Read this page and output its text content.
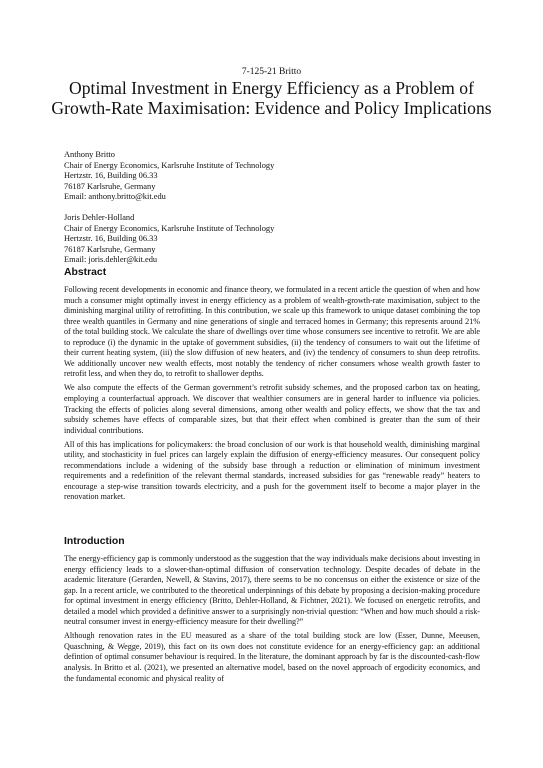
7-125-21 Britto
Optimal Investment in Energy Efficiency as a Problem of Growth-Rate Maximisation: Evidence and Policy Implications
Anthony Britto
Chair of Energy Economics, Karlsruhe Institute of Technology
Hertzstr. 16, Building 06.33
76187 Karlsruhe, Germany
Email: anthony.britto@kit.edu
Joris Dehler-Holland
Chair of Energy Economics, Karlsruhe Institute of Technology
Hertzstr. 16, Building 06.33
76187 Karlsruhe, Germany
Email: joris.dehler@kit.edu
Abstract

Following recent developments in economic and finance theory, we formulated in a recent article the question of when and how much a consumer might optimally invest in energy efficiency as a problem of wealth-growth-rate maximisation, subject to the diminishing marginal utility of retrofitting. In this contribution, we scale up this framework to unique dataset combining the top three wealth quantiles in Germany and nine generations of single and terraced homes in Germany; this represents around 21% of the total building stock. We calculate the share of dwellings over time whose consumers see incentive to retrofit. We are able to reproduce (i) the dynamic in the uptake of government subsidies, (ii) the tendency of consumers to wait out the lifetime of their current heating system, (iii) the slow diffusion of new heaters, and (iv) the tendency of consumers to shun deep retrofits. We additionally uncover new wealth effects, most notably the tendency of richer consumers whose wealth growth faster to retrofit less, and when they do, to retrofit to shallower depths.

We also compute the effects of the German government’s retrofit subsidy schemes, and the proposed carbon tax on heating, employing a counterfactual approach. We discover that wealthier consumers are in general harder to influence via policies. Tracking the effects of policies along several dimensions, among other wealth and policy effects, we show that the tax and subsidy schemes have effects of comparable sizes, but that their effect when combined is greater than the sum of their individual contributions.

All of this has implications for policymakers: the broad conclusion of our work is that household wealth, diminishing marginal utility, and stochasticity in fuel prices can largely explain the diffusion of energy-efficiency measures. Our consequent policy recommendations include a widening of the subsidy base through a reduction or elimination of minimum investment requirements and a redefinition of the relevant thermal standards, increased subsidies for gas “renewable ready” heaters to encourage a step-wise transition towards electricity, and a push for the government itself to become a major player in the renovation market.

Introduction

The energy-efficiency gap is commonly understood as the suggestion that the way individuals make decisions about investing in energy efficiency leads to a slower-than-optimal diffusion of conservation technology. Despite decades of debate in the academic literature (Gerarden, Newell, & Stavins, 2017), there seems to be no concensus on either the existence or size of the gap. In a recent article, we contributed to the theoretical underpinnings of this debate by proposing a decision-making procedure for optimal investment in energy efficiency (Britto, Dehler-Holland, & Fichtner, 2021). We focused on energetic retrofits, and detailed a model which provided a definitive answer to a surprisingly non-trivial question: “When and how much should a risk-neutral consumer invest in energy-efficiency measure for their dwelling?”

Although renovation rates in the EU measured as a share of the total building stock are low (Esser, Dunne, Meeusen, Quaschning, & Wegge, 2019), this fact on its own does not constitute evidence for an energy-efficiency gap: an additional defintion of optimal consumer behaviour is required. In the literature, the dominant approach by far is the discounted-cash-flow analysis. In Britto et al. (2021), we presented an alternative model, based on the novel approach of ergodicity economics, and the fundamental economic and physical reality of
